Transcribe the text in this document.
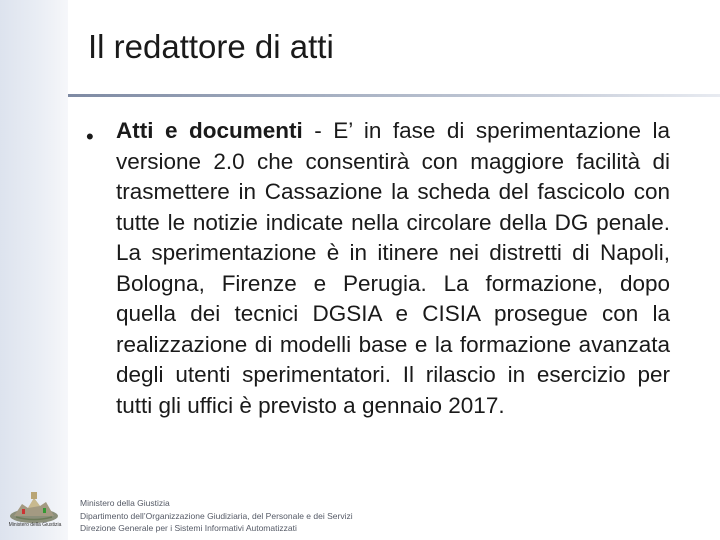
Il redattore di atti
• Atti e documenti - E’ in fase di sperimentazione la versione 2.0 che consentirà con maggiore facilità di trasmettere in Cassazione la scheda del fascicolo con tutte le notizie indicate nella circolare della DG penale. La sperimentazione è in itinere nei distretti di Napoli, Bologna, Firenze e Perugia. La formazione, dopo quella dei tecnici DGSIA e CISIA prosegue con la realizzazione di modelli base e la formazione avanzata degli utenti sperimentatori. Il rilascio in esercizio per tutti gli uffici è previsto a gennaio 2017.

Ministero della Giustizia
Ministero della Giustizia
Dipartimento dell’Organizzazione Giudiziaria, del Personale e dei Servizi
Direzione Generale per i Sistemi Informativi Automatizzati
